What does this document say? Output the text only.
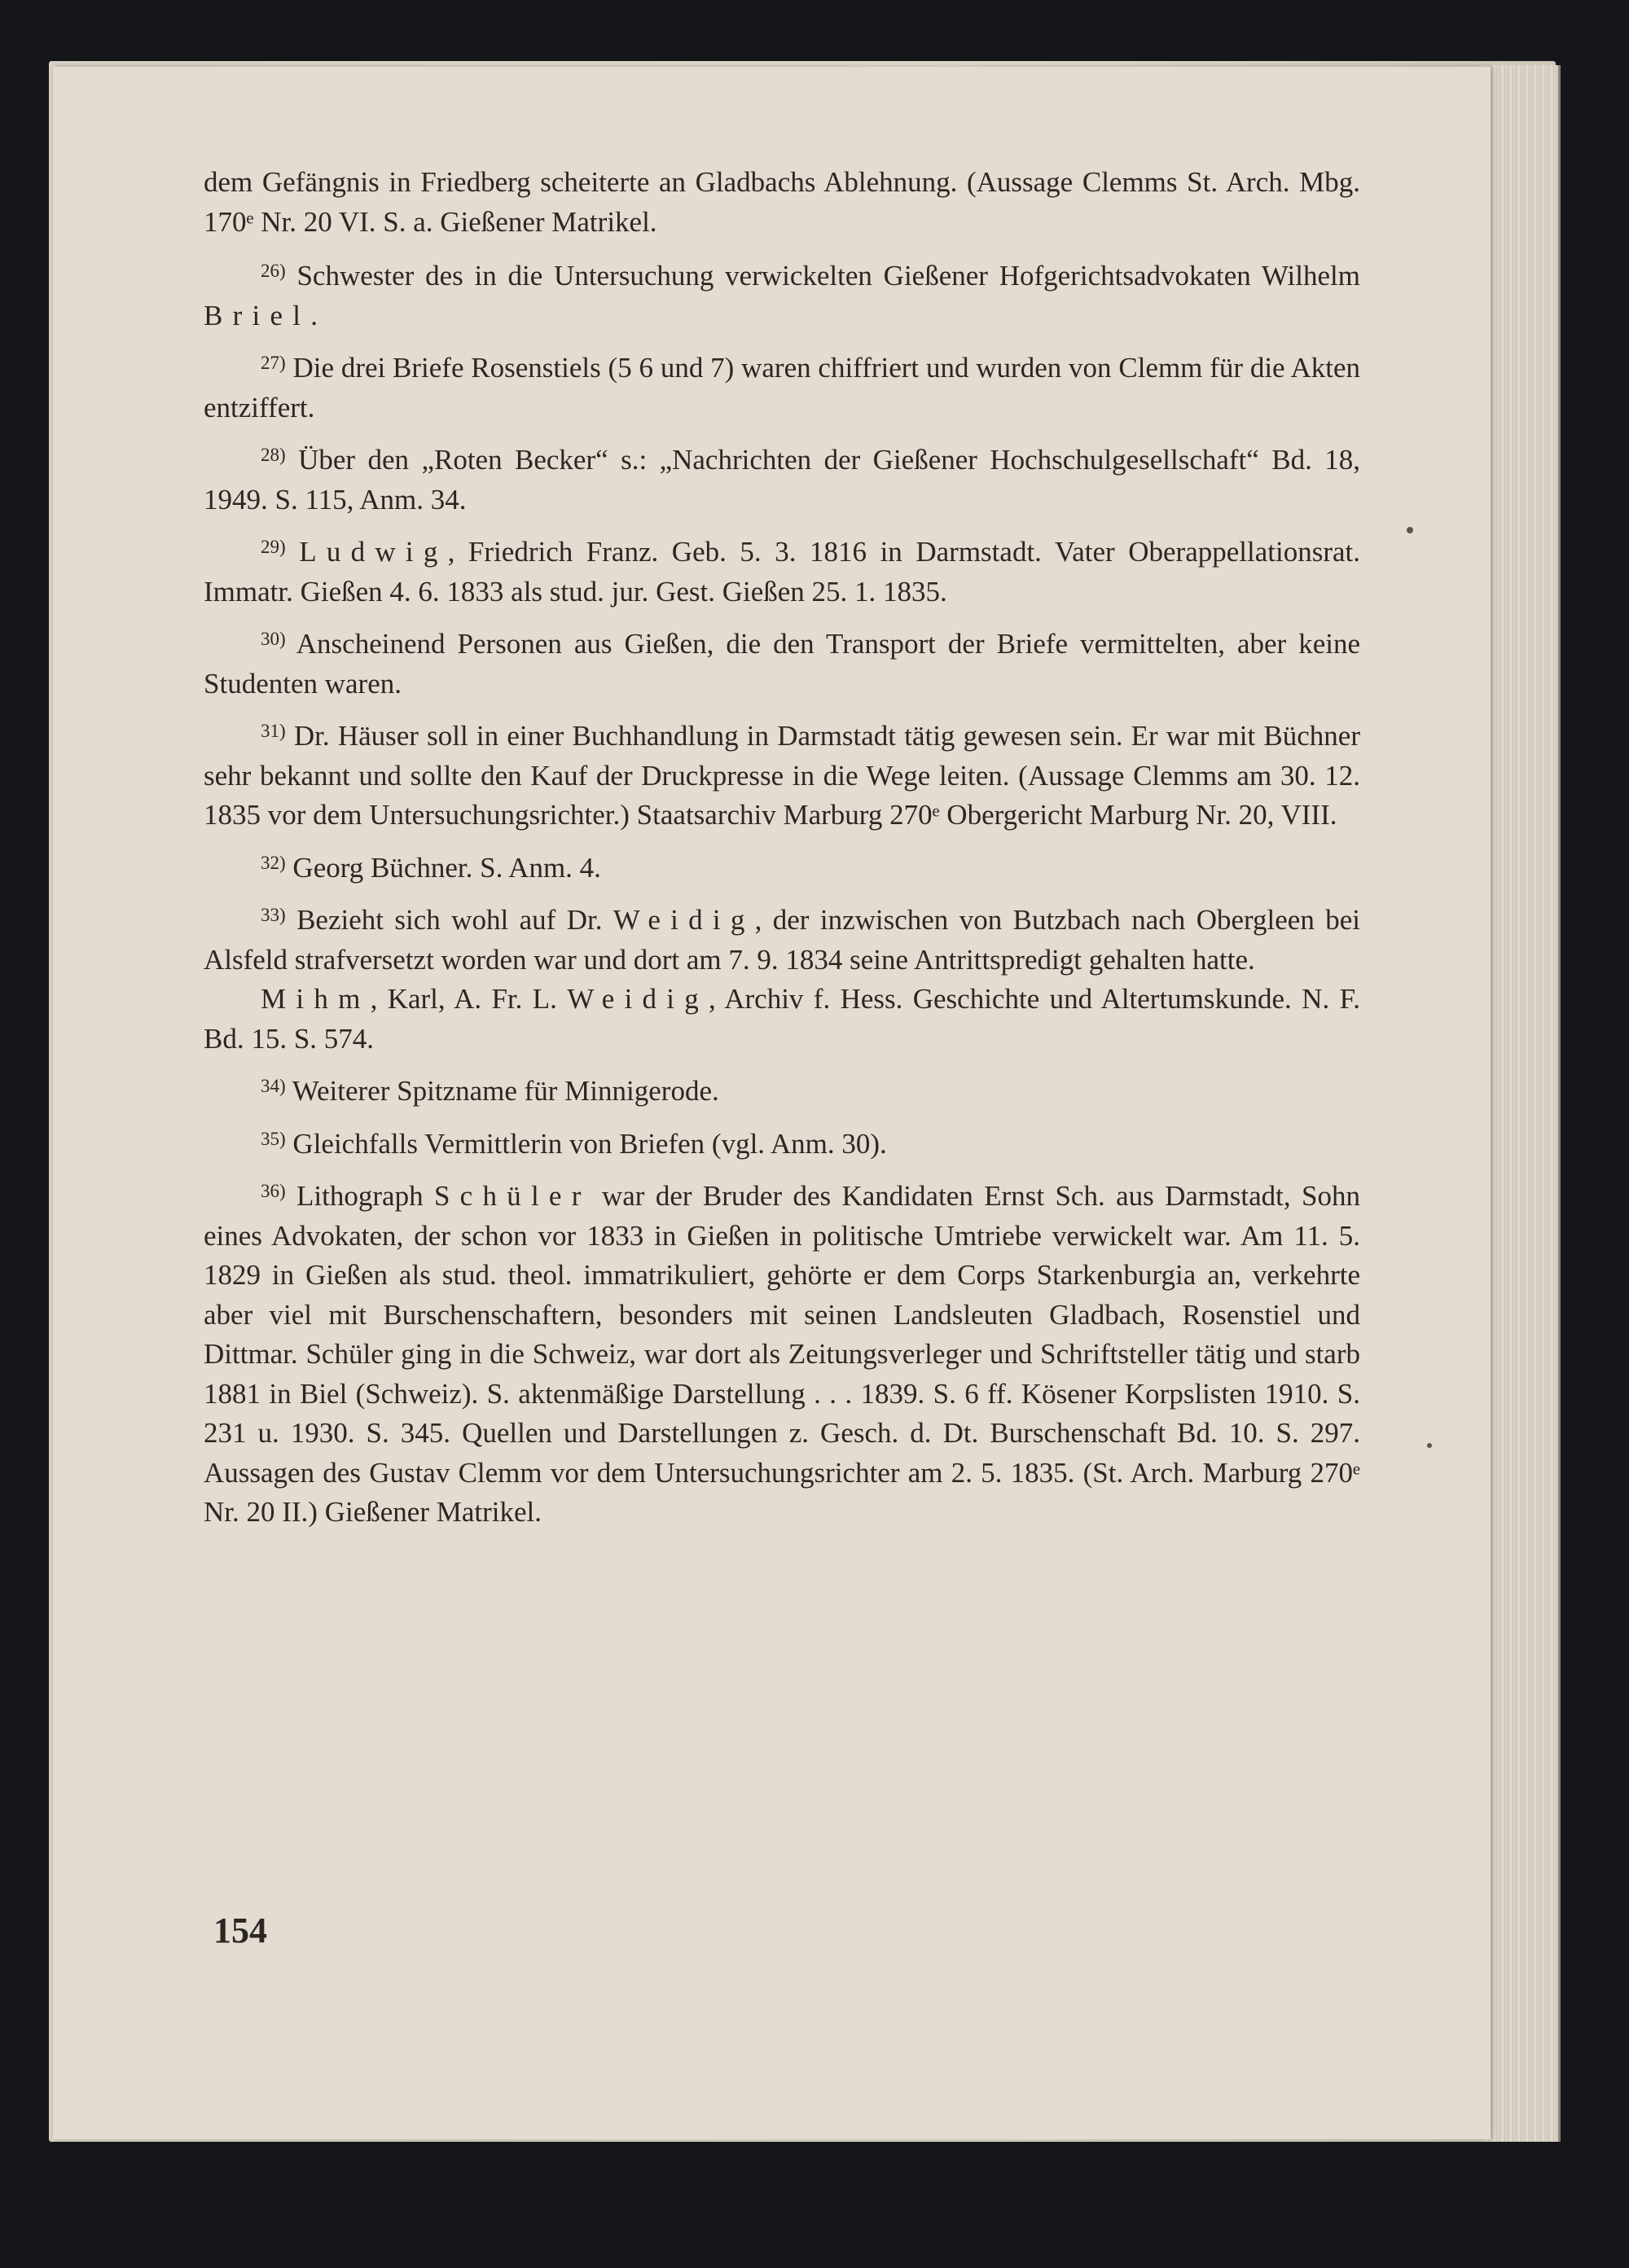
dem Gefängnis in Friedberg scheiterte an Gladbachs Ablehnung. (Aussage Clemms St. Arch. Mbg. 170ᵉ Nr. 20 VI. S. a. Gießener Matrikel.

$^{26)}$ Schwester des in die Untersuchung verwickelten Gießener Hofgerichtsadvokaten Wilhelm Briel.

$^{27)}$ Die drei Briefe Rosenstiels (5 6 und 7) waren chiffriert und wurden von Clemm für die Akten entziffert.

$^{28)}$ Über den „Roten Becker“ s.: „Nachrichten der Gießener Hochschulgesellschaft“ Bd. 18, 1949. S. 115, Anm. 34.

$^{29)}$ Ludwig, Friedrich Franz. Geb. 5. 3. 1816 in Darmstadt. Vater Oberappellationsrat. Immatr. Gießen 4. 6. 1833 als stud. jur. Gest. Gießen 25. 1. 1835.

$^{30)}$ Anscheinend Personen aus Gießen, die den Transport der Briefe vermittelten, aber keine Studenten waren.

$^{31)}$ Dr. Häuser soll in einer Buchhandlung in Darmstadt tätig gewesen sein. Er war mit Büchner sehr bekannt und sollte den Kauf der Druckpresse in die Wege leiten. (Aussage Clemms am 30. 12. 1835 vor dem Untersuchungsrichter.) Staatsarchiv Marburg 270ᵉ Obergericht Marburg Nr. 20, VIII.

$^{32)}$ Georg Büchner. S. Anm. 4.

$^{33)}$ Bezieht sich wohl auf Dr. Weidig, der inzwischen von Butzbach nach Obergleen bei Alsfeld strafversetzt worden war und dort am 7. 9. 1834 seine Antrittspredigt gehalten hatte.

Mihm, Karl, A. Fr. L. Weidig, Archiv f. Hess. Geschichte und Altertumskunde. N. F. Bd. 15. S. 574.

$^{34)}$ Weiterer Spitzname für Minnigerode.

$^{35)}$ Gleichfalls Vermittlerin von Briefen (vgl. Anm. 30).

$^{36)}$ Lithograph Schüler war der Bruder des Kandidaten Ernst Sch. aus Darmstadt, Sohn eines Advokaten, der schon vor 1833 in Gießen in politische Umtriebe verwickelt war. Am 11. 5. 1829 in Gießen als stud. theol. immatrikuliert, gehörte er dem Corps Starkenburgia an, verkehrte aber viel mit Burschenschaftern, besonders mit seinen Landsleuten Gladbach, Rosenstiel und Dittmar. Schüler ging in die Schweiz, war dort als Zeitungsverleger und Schriftsteller tätig und starb 1881 in Biel (Schweiz). S. aktenmäßige Darstellung . . . 1839. S. 6 ff. Kösener Korpslisten 1910. S. 231 u. 1930. S. 345. Quellen und Darstellungen z. Gesch. d. Dt. Burschenschaft Bd. 10. S. 297. Aussagen des Gustav Clemm vor dem Untersuchungsrichter am 2. 5. 1835. (St. Arch. Marburg 270ᵉ Nr. 20 II.) Gießener Matrikel.

154
